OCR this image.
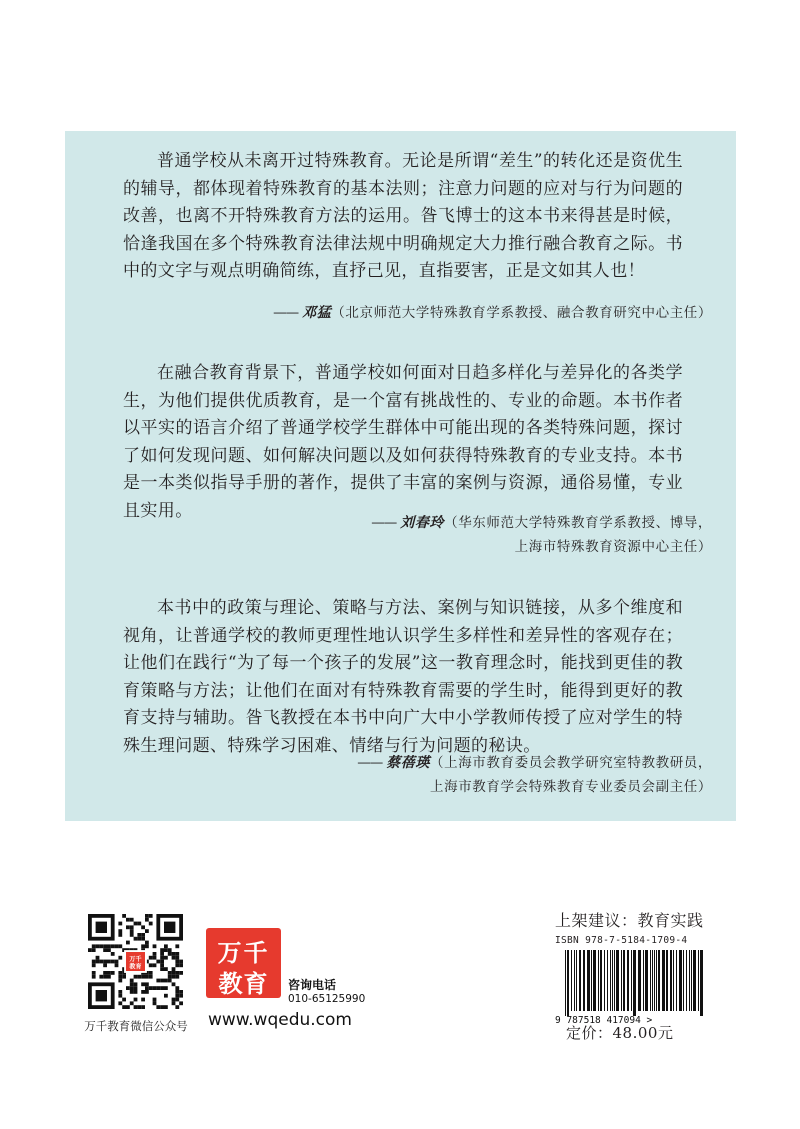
普通学校从未离开过特殊教育。无论是所谓“差生”的转化还是资优生的辅导，都体现着特殊教育的基本法则；注意力问题的应对与行为问题的改善，也离不开特殊教育方法的运用。昝飞博士的这本书来得甚是时候，恰逢我国在多个特殊教育法律法规中明确规定大力推行融合教育之际。书中的文字与观点明确简练，直抒己见，直指要害，正是文如其人也！

—— 邓猛（北京师范大学特殊教育学系教授、融合教育研究中心主任）

在融合教育背景下，普通学校如何面对日趋多样化与差异化的各类学生，为他们提供优质教育，是一个富有挑战性的、专业的命题。本书作者以平实的语言介绍了普通学校学生群体中可能出现的各类特殊问题，探讨了如何发现问题、如何解决问题以及如何获得特殊教育的专业支持。本书是一本类似指导手册的著作，提供了丰富的案例与资源，通俗易懂，专业且实用。

—— 刘春玲（华东师范大学特殊教育学系教授、博导，
上海市特殊教育资源中心主任）

本书中的政策与理论、策略与方法、案例与知识链接，从多个维度和视角，让普通学校的教师更理性地认识学生多样性和差异性的客观存在；让他们在践行“为了每一个孩子的发展”这一教育理念时，能找到更佳的教育策略与方法；让他们在面对有特殊教育需要的学生时，能得到更好的教育支持与辅助。昝飞教授在本书中向广大中小学教师传授了应对学生的特殊生理问题、特殊学习困难、情绪与行为问题的秘诀。

—— 蔡蓓瑛（上海市教育委员会教学研究室特教教研员，
上海市教育学会特殊教育专业委员会副主任）
万千
教育
万千教育微信公众号
万千
教育	咨询电话
010-65125990
www.wqedu.com
上架建议：教育实践
ISBN 978-7-5184-1709-4
9 787518 417094 >
定价：48.00元
